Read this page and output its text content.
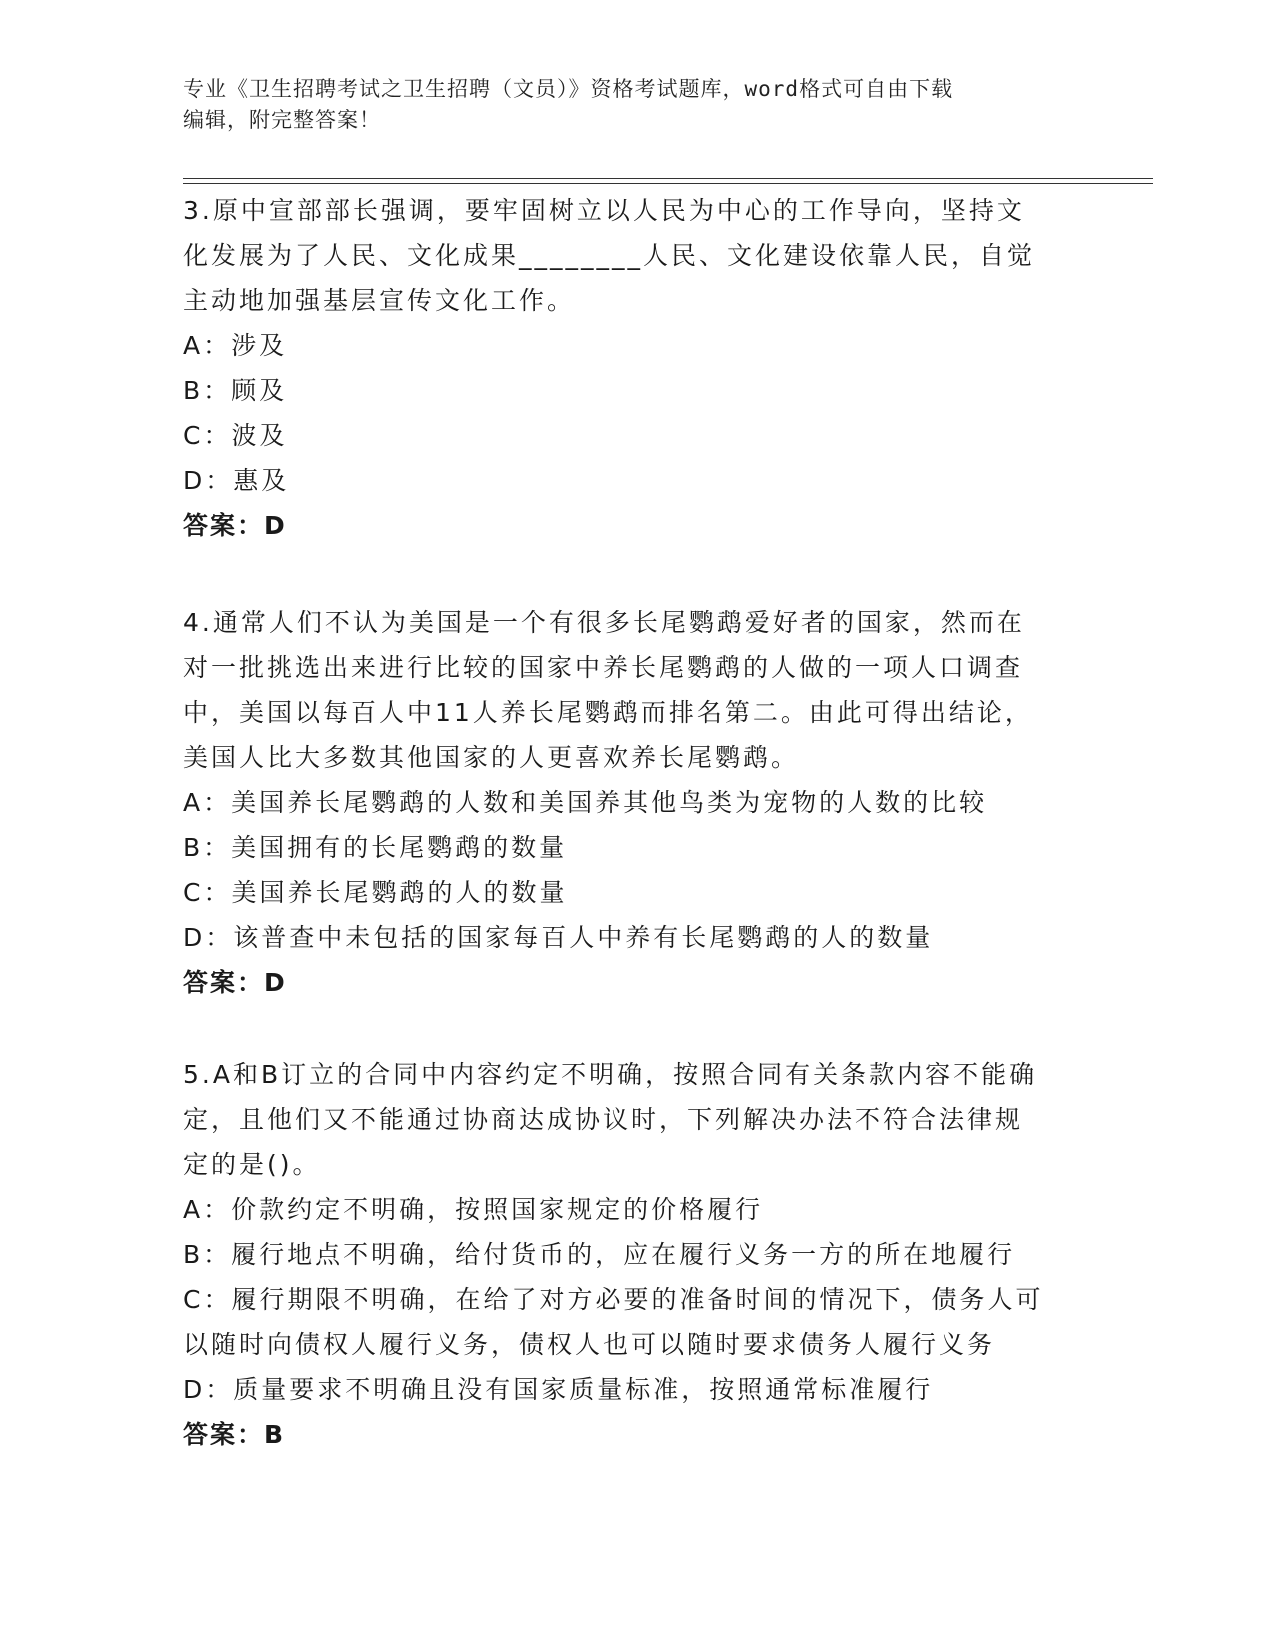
专业《卫生招聘考试之卫生招聘（文员）》资格考试题库，word格式可自由下载
编辑，附完整答案！

3.原中宣部部长强调，要牢固树立以人民为中心的工作导向，坚持文

化发展为了人民、文化成果________人民、文化建设依靠人民，自觉

主动地加强基层宣传文化工作。

A：涉及

B：顾及

C：波及

D：惠及

答案：D

4.通常人们不认为美国是一个有很多长尾鹦鹉爱好者的国家，然而在

对一批挑选出来进行比较的国家中养长尾鹦鹉的人做的一项人口调查

中，美国以每百人中11人养长尾鹦鹉而排名第二。由此可得出结论，

美国人比大多数其他国家的人更喜欢养长尾鹦鹉。

A：美国养长尾鹦鹉的人数和美国养其他鸟类为宠物的人数的比较

B：美国拥有的长尾鹦鹉的数量

C：美国养长尾鹦鹉的人的数量

D：该普查中未包括的国家每百人中养有长尾鹦鹉的人的数量

答案：D

5.A和B订立的合同中内容约定不明确，按照合同有关条款内容不能确

定，且他们又不能通过协商达成协议时，下列解决办法不符合法律规

定的是()。

A：价款约定不明确，按照国家规定的价格履行

B：履行地点不明确，给付货币的，应在履行义务一方的所在地履行

C：履行期限不明确，在给了对方必要的准备时间的情况下，债务人可

以随时向债权人履行义务，债权人也可以随时要求债务人履行义务

D：质量要求不明确且没有国家质量标准，按照通常标准履行

答案：B
